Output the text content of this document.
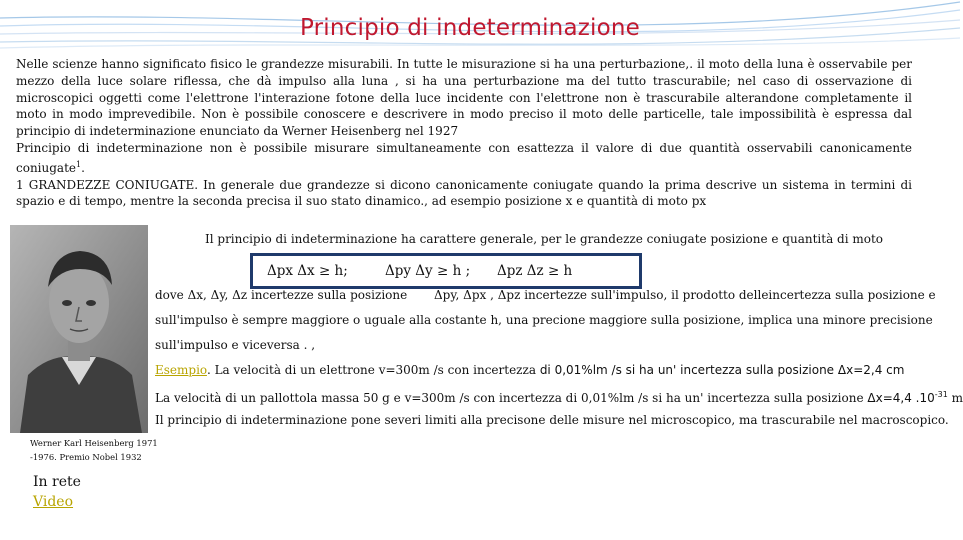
Principio di indeterminazione

Nelle scienze hanno significato fisico le grandezze misurabili. In tutte le misurazione si ha una perturbazione,. il moto della luna è osservabile per mezzo della luce solare riflessa, che dà impulso alla luna , si ha una perturbazione ma del tutto trascurabile; nel caso di osservazione di microscopici oggetti come l'elettrone l'interazione fotone della luce incidente con l'elettrone non è trascurabile alterandone completamente il moto in modo imprevedibile. Non è possibile conoscere e descrivere in modo preciso il moto delle particelle, tale impossibilità è espressa dal principio di indeterminazione enunciato da Werner Heisenberg nel 1927

Principio di indeterminazione non è possibile misurare simultaneamente con esattezza il valore di due quantità osservabili canonicamente coniugate$^1$.

1 GRANDEZZE CONIUGATE. In generale due grandezze si dicono canonicamente coniugate quando la prima descrive un sistema in termini di spazio e di tempo, mentre la seconda precisa il suo stato dinamico., ad esempio posizione x e quantità di moto px

Werner Karl Heisenberg 1971 -1976. Premio Nobel 1932
In rete
Video
Il principio di indeterminazione ha carattere generale, per le grandezze coniugate posizione e quantità di moto
Δpx Δx ≥ h;	Δpy Δy ≥ h ; Δpz Δz ≥ h
dove Δx, Δy, Δz incertezze sulla posizione Δpy, Δpx , Δpz incertezze sull'impulso, il prodotto delleincertezza sulla posizione e
sull'impulso è sempre maggiore o uguale alla costante h, una precione maggiore sulla posizione, implica una minore precisione
sull'impulso e viceversa . ,
Esempio. La velocità di un elettrone v=300m /s con incertezza di 0,01%lm /s si ha un' incertezza sulla posizione Δx=2,4 cm
La velocità di un pallottola massa 50 g e v=300m /s con incertezza di 0,01%lm /s si ha un' incertezza sulla posizione Δx=4,4 $.10^{-31}$ m
Il principio di indeterminazione pone severi limiti alla precisone delle misure nel microscopico, ma trascurabile nel macroscopico.
